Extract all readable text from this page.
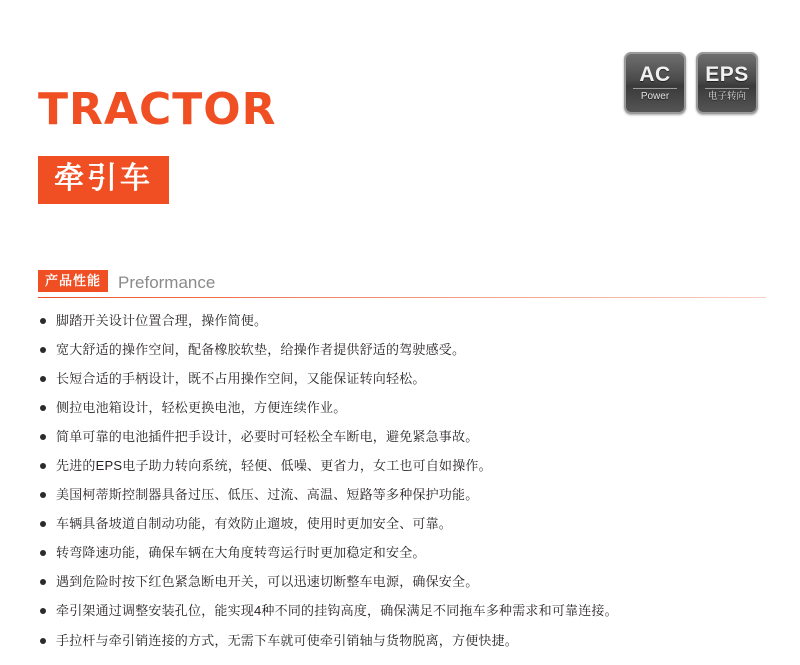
AC
Power
EPS
电子转向
TRACTOR
牵引车
产品性能	Preformance
脚踏开关设计位置合理，操作简便。
宽大舒适的操作空间，配备橡胶软垫，给操作者提供舒适的驾驶感受。
长短合适的手柄设计，既不占用操作空间，又能保证转向轻松。
侧拉电池箱设计，轻松更换电池，方便连续作业。
简单可靠的电池插件把手设计，必要时可轻松全车断电，避免紧急事故。
先进的EPS电子助力转向系统，轻便、低噪、更省力，女工也可自如操作。
美国柯蒂斯控制器具备过压、低压、过流、高温、短路等多种保护功能。
车辆具备坡道自制动功能，有效防止遛坡，使用时更加安全、可靠。
转弯降速功能，确保车辆在大角度转弯运行时更加稳定和安全。
遇到危险时按下红色紧急断电开关，可以迅速切断整车电源，确保安全。
牵引架通过调整安装孔位，能实现4种不同的挂钩高度，确保满足不同拖车多种需求和可靠连接。
手拉杆与牵引销连接的方式，无需下车就可使牵引销轴与货物脱离，方便快捷。
